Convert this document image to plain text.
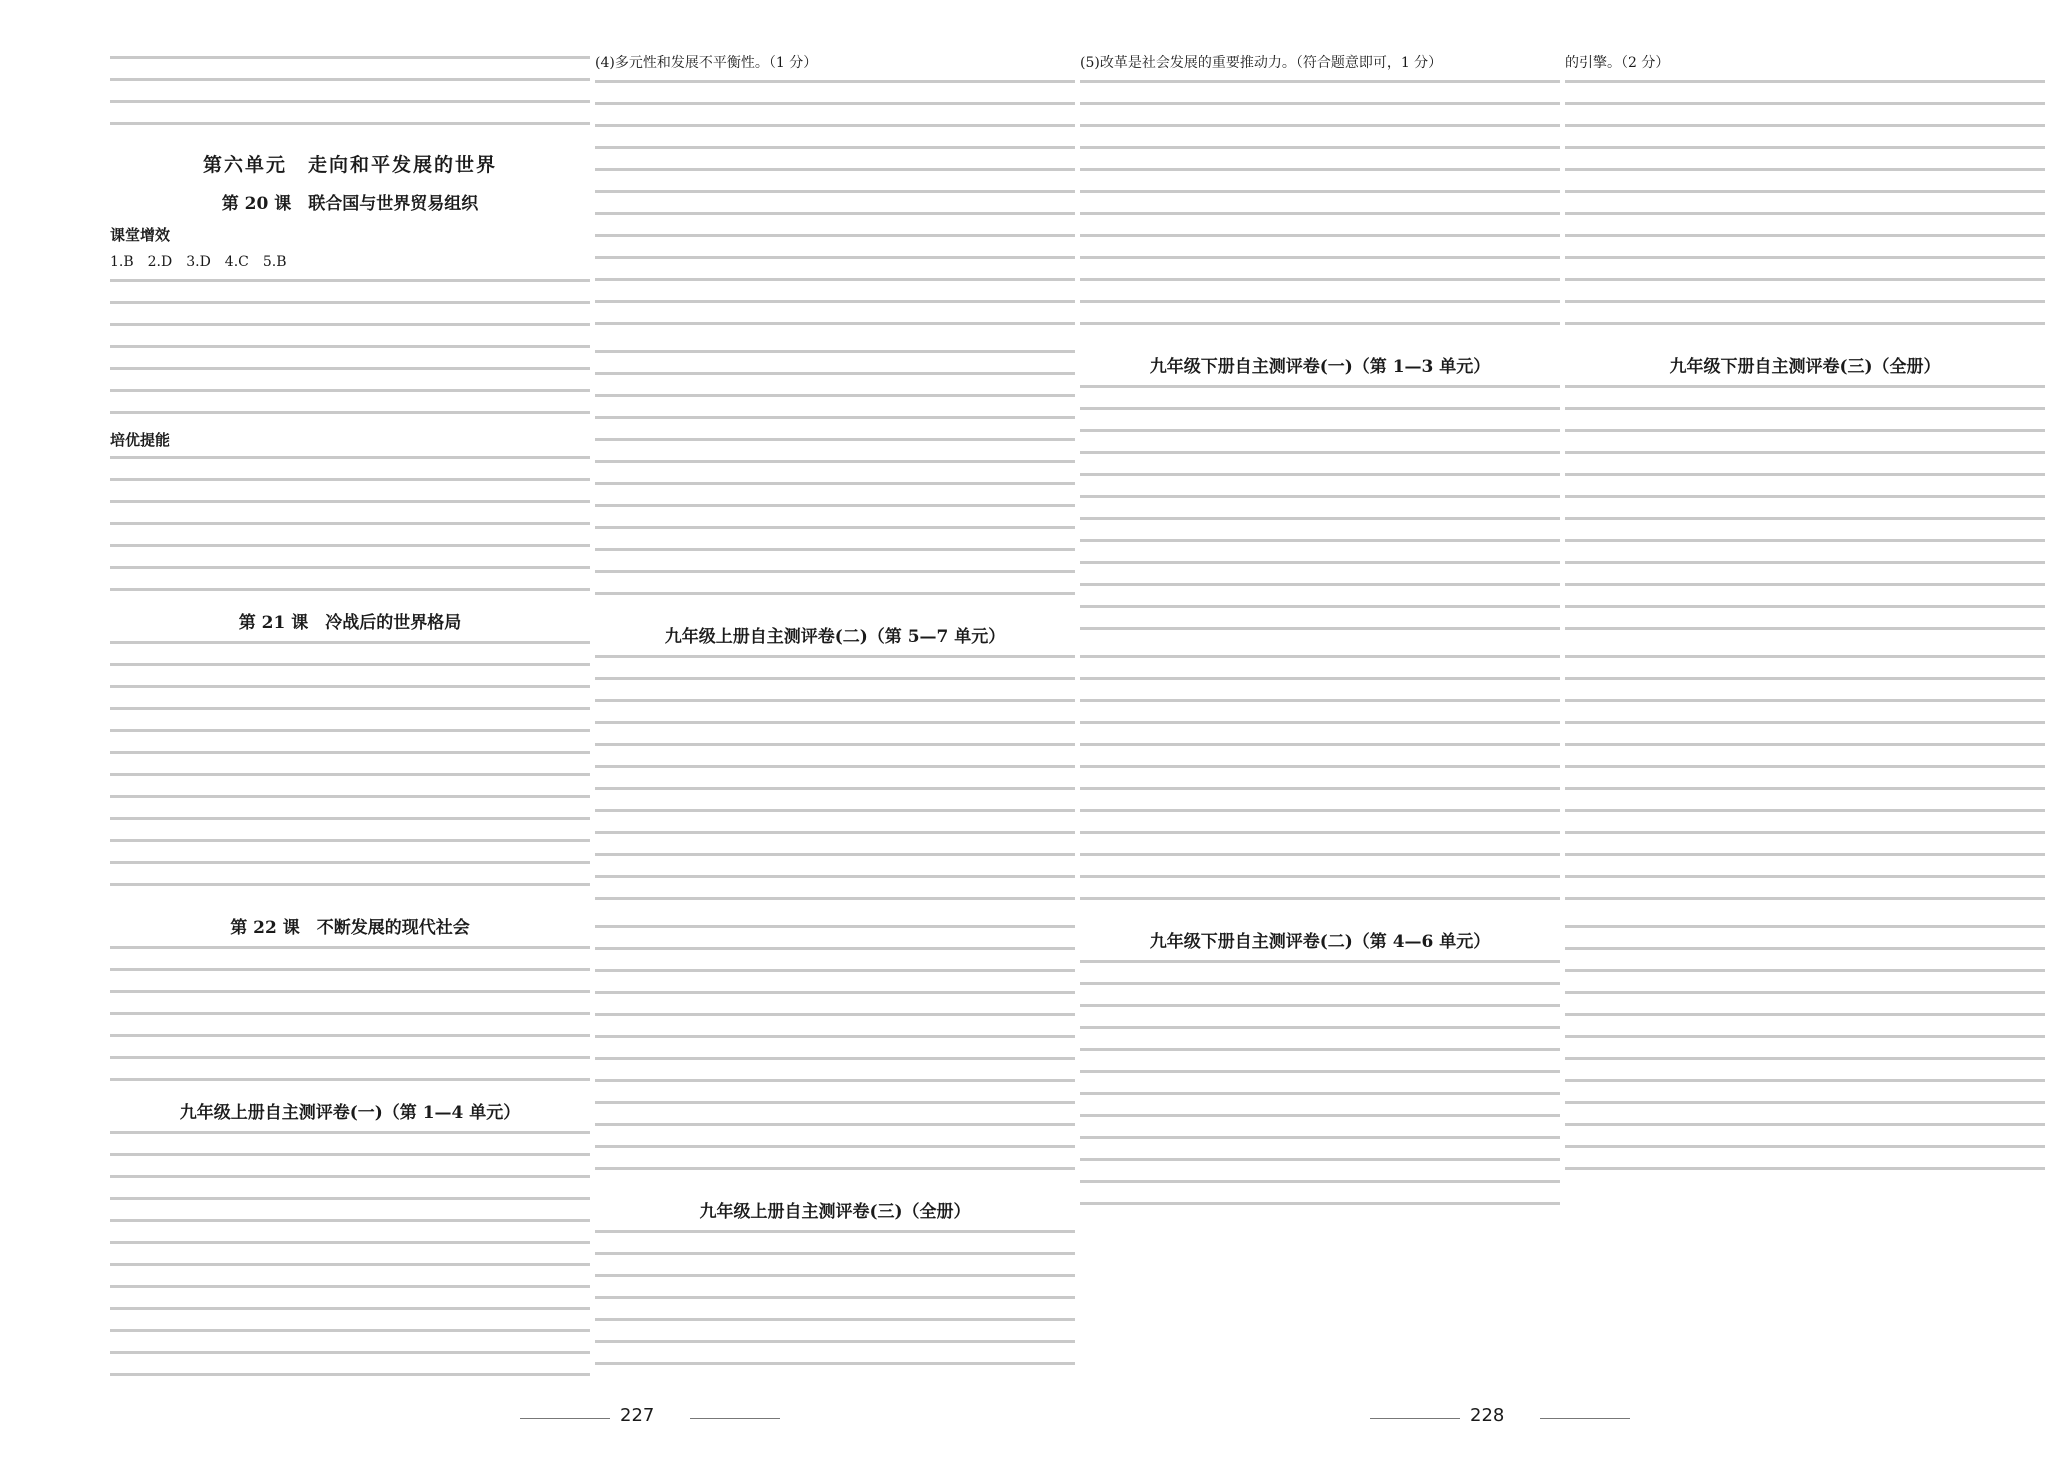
第六单元　走向和平发展的世界
第 20 课　联合国与世界贸易组织
课堂增效
1.B　2.D　3.D　4.C　5.B
培优提能
第 21 课　冷战后的世界格局
第 22 课　不断发展的现代社会
九年级上册自主测评卷(一)（第 1—4 单元）
(4)多元性和发展不平衡性。（1 分）
九年级上册自主测评卷(二)（第 5—7 单元）
九年级上册自主测评卷(三)（全册）
(5)改革是社会发展的重要推动力。（符合题意即可，1 分）
九年级下册自主测评卷(一)（第 1—3 单元）
九年级下册自主测评卷(二)（第 4—6 单元）
的引擎。（2 分）
九年级下册自主测评卷(三)（全册）
227	228
